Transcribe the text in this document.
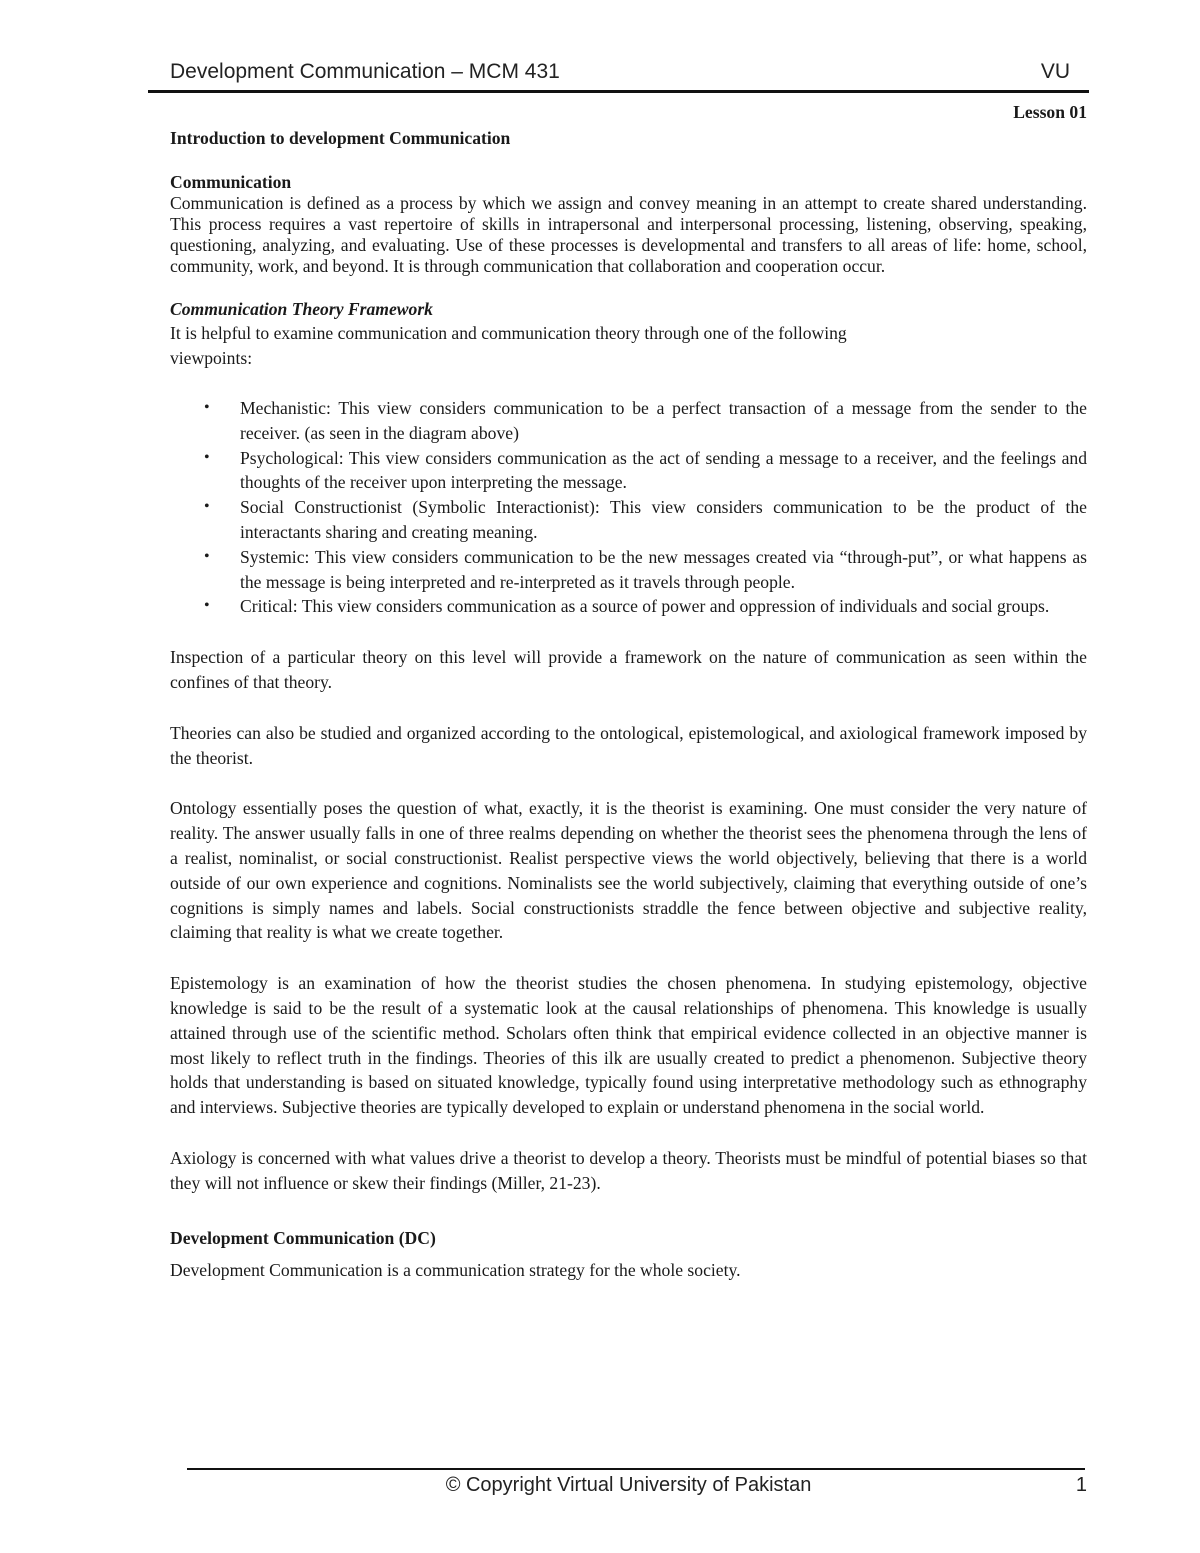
Development Communication – MCM 431	VU

Lesson 01

Introduction to development Communication

Communication

Communication is defined as a process by which we assign and convey meaning in an attempt to create shared understanding. This process requires a vast repertoire of skills in intrapersonal and interpersonal processing, listening, observing, speaking, questioning, analyzing, and evaluating. Use of these processes is developmental and transfers to all areas of life: home, school, community, work, and beyond. It is through communication that collaboration and cooperation occur.

Communication Theory Framework

It is helpful to examine communication and communication theory through one of the following
viewpoints:

• Mechanistic: This view considers communication to be a perfect transaction of a message from the sender to the receiver. (as seen in the diagram above)
• Psychological: This view considers communication as the act of sending a message to a receiver, and the feelings and thoughts of the receiver upon interpreting the message.
• Social Constructionist (Symbolic Interactionist): This view considers communication to be the product of the interactants sharing and creating meaning.
• Systemic: This view considers communication to be the new messages created via “through-put”, or what happens as the message is being interpreted and re-interpreted as it travels through people.
• Critical: This view considers communication as a source of power and oppression of individuals and social groups.

Inspection of a particular theory on this level will provide a framework on the nature of communication as seen within the confines of that theory.

Theories can also be studied and organized according to the ontological, epistemological, and axiological framework imposed by the theorist.

Ontology essentially poses the question of what, exactly, it is the theorist is examining. One must consider the very nature of reality. The answer usually falls in one of three realms depending on whether the theorist sees the phenomena through the lens of a realist, nominalist, or social constructionist. Realist perspective views the world objectively, believing that there is a world outside of our own experience and cognitions. Nominalists see the world subjectively, claiming that everything outside of one’s cognitions is simply names and labels. Social constructionists straddle the fence between objective and subjective reality, claiming that reality is what we create together.

Epistemology is an examination of how the theorist studies the chosen phenomena. In studying epistemology, objective knowledge is said to be the result of a systematic look at the causal relationships of phenomena. This knowledge is usually attained through use of the scientific method. Scholars often think that empirical evidence collected in an objective manner is most likely to reflect truth in the findings. Theories of this ilk are usually created to predict a phenomenon. Subjective theory holds that understanding is based on situated knowledge, typically found using interpretative methodology such as ethnography and interviews. Subjective theories are typically developed to explain or understand phenomena in the social world.

Axiology is concerned with what values drive a theorist to develop a theory. Theorists must be mindful of potential biases so that they will not influence or skew their findings (Miller, 21-23).

Development Communication (DC)

Development Communication is a communication strategy for the whole society.

© Copyright Virtual University of Pakistan	1
